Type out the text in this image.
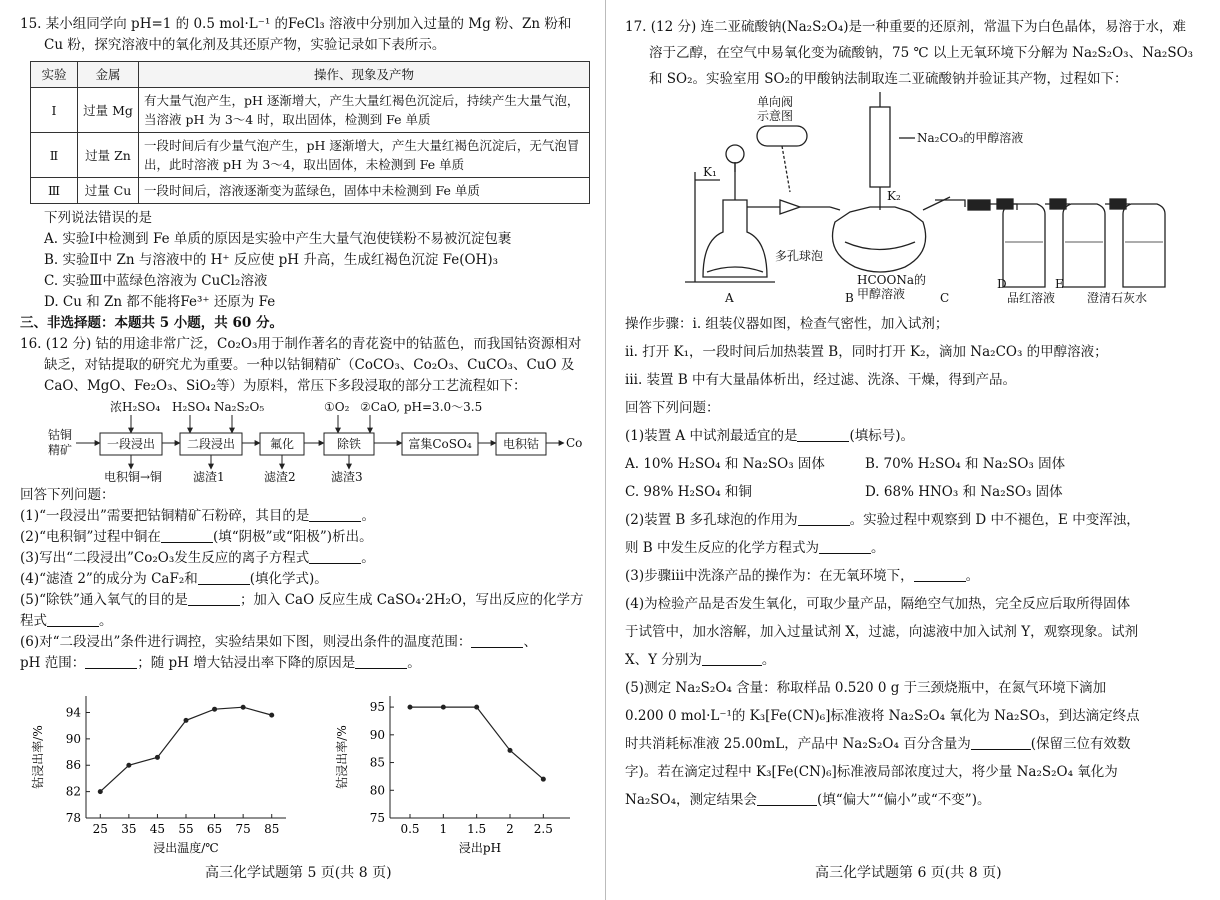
15. 某小组同学向 pH=1 的 0.5 mol·L⁻¹ 的FeCl₃ 溶液中分别加入过量的 Mg 粉、Zn 粉和 Cu 粉，探究溶液中的氧化剂及其还原产物，实验记录如下表所示。

实验	金属	操作、现象及产物
Ⅰ	过量 Mg	有大量气泡产生，pH 逐渐增大，产生大量红褐色沉淀后，持续产生大量气泡，当溶液 pH 为 3～4 时，取出固体，检测到 Fe 单质
Ⅱ	过量 Zn	一段时间后有少量气泡产生，pH 逐渐增大，产生大量红褐色沉淀后，无气泡冒出，此时溶液 pH 为 3～4，取出固体，未检测到 Fe 单质
Ⅲ	过量 Cu	一段时间后，溶液逐渐变为蓝绿色，固体中未检测到 Fe 单质

下列说法错误的是

A. 实验Ⅰ中检测到 Fe 单质的原因是实验中产生大量气泡使镁粉不易被沉淀包裹

B. 实验Ⅱ中 Zn 与溶液中的 H⁺ 反应使 pH 升高，生成红褐色沉淀 Fe(OH)₃

C. 实验Ⅲ中蓝绿色溶液为 CuCl₂溶液

D. Cu 和 Zn 都不能将Fe³⁺ 还原为 Fe

三、非选择题：本题共 5 小题，共 60 分。

16. (12 分) 钴的用途非常广泛，Co₂O₃用于制作著名的青花瓷中的钴蓝色，而我国钴资源相对缺乏，对钴提取的研究尤为重要。一种以钴铜精矿（CoCO₃、Co₂O₃、CuCO₃、CuO 及 CaO、MgO、Fe₂O₃、SiO₂等）为原料，常压下多段浸取的部分工艺流程如下：

钴铜
精矿	一段浸出	二段浸出	氟化	除铁	富集CoSO₄	电积钴 Co
浓H₂SO₄ H₂SO₄ Na₂S₂O₅	①O₂ ②CaO, pH=3.0～3.5
电积铜→铜	滤渣1	滤渣2	滤渣3

回答下列问题：

(1)“一段浸出”需要把钴铜精矿石粉碎，其目的是	。

(2)“电积铜”过程中铜在	(填“阴极”或“阳极”)析出。

(3)写出“二段浸出”Co₂O₃发生反应的离子方程式	。

(4)“滤渣 2”的成分为 CaF₂和	(填化学式)。

(5)“除铁”通入氧气的目的是	；加入 CaO 反应生成 CaSO₄·2H₂O，写出反应的化学方程式	。

(6)对“二段浸出”条件进行调控，实验结果如下图，则浸出条件的温度范围：	、

pH 范围：	；随 pH 增大钴浸出率下降的原因是	。

78
82
86
90
94
25 35 45 55 65 75 85
浸出温度/℃
钴浸出率/%
75
80
85
90
95
0.5 1 1.5 2 2.5
浸出pH
钴浸出率/%
高三化学试题第 5 页(共 8 页)

17. (12 分) 连二亚硫酸钠(Na₂S₂O₄)是一种重要的还原剂，常温下为白色晶体，易溶于水，难溶于乙醇，在空气中易氧化变为硫酸钠，75 ℃ 以上无氧环境下分解为 Na₂S₂O₃、Na₂SO₃和 SO₂。实验室用 SO₂的甲酸钠法制取连二亚硫酸钠并验证其产物，过程如下：

单向阀
示意图
K₁
K₂
Na₂CO₃的甲醇溶液
多孔球泡
HCOONa的
甲醇溶液	品红溶液	澄清石灰水
A	B	C
D	E

操作步骤：ⅰ. 组装仪器如图，检查气密性，加入试剂；

ⅱ. 打开 K₁，一段时间后加热装置 B，同时打开 K₂，滴加 Na₂CO₃ 的甲醇溶液；

ⅲ. 装置 B 中有大量晶体析出，经过滤、洗涤、干燥，得到产品。

回答下列问题：

(1)装置 A 中试剂最适宜的是	(填标号)。

A. 10% H₂SO₄ 和 Na₂SO₃ 固体	B. 70% H₂SO₄ 和 Na₂SO₃ 固体

C. 98% H₂SO₄ 和铜	D. 68% HNO₃ 和 Na₂SO₃ 固体

(2)装置 B 多孔球泡的作用为	。实验过程中观察到 D 中不褪色，E 中变浑浊，

则 B 中发生反应的化学方程式为	。

(3)步骤ⅲ中洗涤产品的操作为：在无氧环境下，	。

(4)为检验产品是否发生氧化，可取少量产品，隔绝空气加热，完全反应后取所得固体

于试管中，加水溶解，加入过量试剂 X，过滤，向滤液中加入试剂 Y，观察现象。试剂

X、Y 分别为	。

(5)测定 Na₂S₂O₄ 含量：称取样品 0.520 0 g 于三颈烧瓶中，在氮气环境下滴加

0.200 0 mol·L⁻¹的 K₃[Fe(CN)₆]标准液将 Na₂S₂O₄ 氧化为 Na₂SO₃，到达滴定终点

时共消耗标准液 25.00mL，产品中 Na₂S₂O₄ 百分含量为	(保留三位有效数

字)。若在滴定过程中 K₃[Fe(CN)₆]标准液局部浓度过大，将少量 Na₂S₂O₄ 氧化为

Na₂SO₄，测定结果会	(填“偏大”“偏小”或“不变”)。

高三化学试题第 6 页(共 8 页)
